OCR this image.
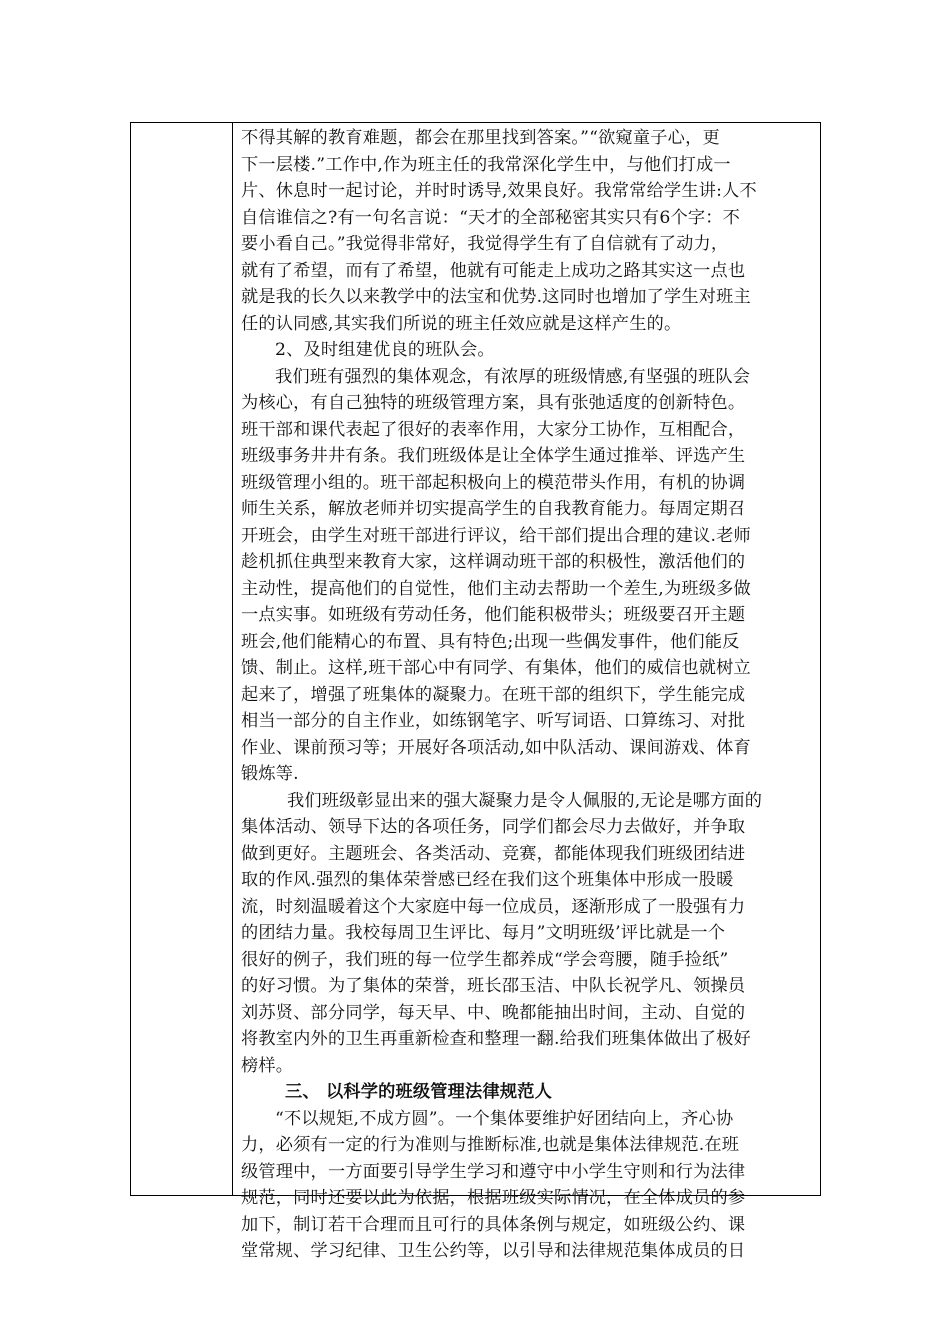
不得其解的教育难题，都会在那里找到答案。”“欲窥童子心，更
下一层楼.”工作中,作为班主任的我常深化学生中，与他们打成一
片、休息时一起讨论，并时时诱导,效果良好。我常常给学生讲:人不
自信谁信之?有一句名言说：“天才的全部秘密其实只有6个字：不
要小看自己。”我觉得非常好，我觉得学生有了自信就有了动力，
就有了希望，而有了希望，他就有可能走上成功之路其实这一点也
就是我的长久以来教学中的法宝和优势.这同时也增加了学生对班主
任的认同感,其实我们所说的班主任效应就是这样产生的。
2、及时组建优良的班队会。
我们班有强烈的集体观念，有浓厚的班级情感,有坚强的班队会
为核心，有自己独特的班级管理方案，具有张弛适度的创新特色。
班干部和课代表起了很好的表率作用，大家分工协作，互相配合，
班级事务井井有条。我们班级体是让全体学生通过推举、评选产生
班级管理小组的。班干部起积极向上的模范带头作用，有机的协调
师生关系，解放老师并切实提高学生的自我教育能力。每周定期召
开班会，由学生对班干部进行评议，给干部们提出合理的建议.老师
趁机抓住典型来教育大家，这样调动班干部的积极性，激活他们的
主动性，提高他们的自觉性，他们主动去帮助一个差生,为班级多做
一点实事。如班级有劳动任务，他们能积极带头；班级要召开主题
班会,他们能精心的布置、具有特色;出现一些偶发事件，他们能反
馈、制止。这样,班干部心中有同学、有集体，他们的威信也就树立
起来了，增强了班集体的凝聚力。在班干部的组织下，学生能完成
相当一部分的自主作业，如练钢笔字、听写词语、口算练习、对批
作业、课前预习等；开展好各项活动,如中队活动、课间游戏、体育
锻炼等.
我们班级彰显出来的强大凝聚力是令人佩服的,无论是哪方面的
集体活动、领导下达的各项任务，同学们都会尽力去做好，并争取
做到更好。主题班会、各类活动、竞赛，都能体现我们班级团结进
取的作风.强烈的集体荣誉感已经在我们这个班集体中形成一股暖
流，时刻温暖着这个大家庭中每一位成员，逐渐形成了一股强有力
的团结力量。我校每周卫生评比、每月”文明班级’评比就是一个
很好的例子，我们班的每一位学生都养成“学会弯腰，随手捡纸”
的好习惯。为了集体的荣誉，班长邵玉洁、中队长祝学凡、领操员
刘苏贤、部分同学，每天早、中、晚都能抽出时间，主动、自觉的
将教室内外的卫生再重新检查和整理一翻.给我们班集体做出了极好
榜样。
三、 以科学的班级管理法律规范人
“不以规矩,不成方圆”。一个集体要维护好团结向上，齐心协
力，必须有一定的行为准则与推断标准,也就是集体法律规范.在班
级管理中，一方面要引导学生学习和遵守中小学生守则和行为法律
规范，同时还要以此为依据，根据班级实际情况，在全体成员的参
加下，制订若干合理而且可行的具体条例与规定，如班级公约、课
堂常规、学习纪律、卫生公约等，以引导和法律规范集体成员的日
